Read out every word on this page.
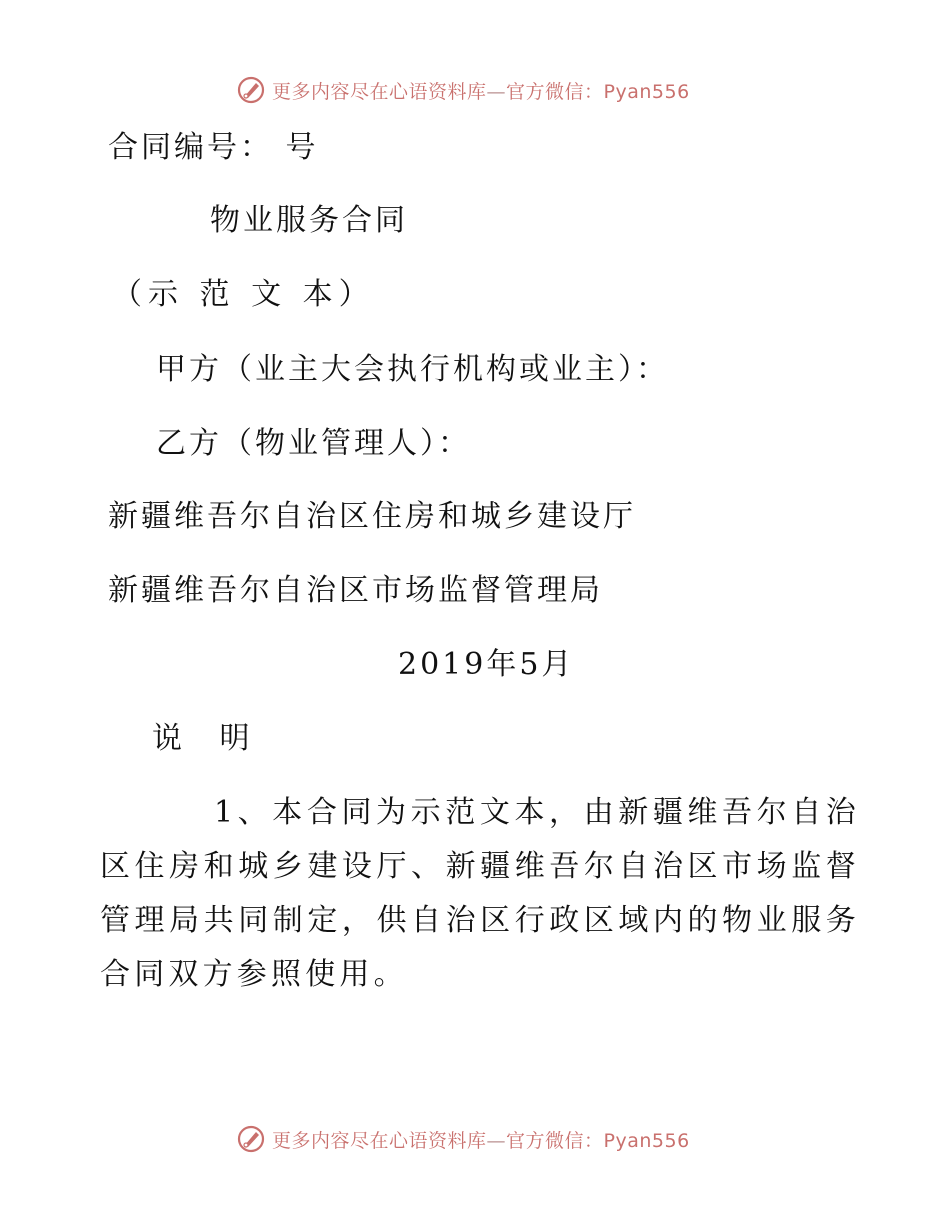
更多内容尽在心语资料库—官方微信：Pyan556
合同编号： 号
物业服务合同
（示 范 文 本）
甲方（业主大会执行机构或业主）：
乙方（物业管理人）：
新疆维吾尔自治区住房和城乡建设厅
新疆维吾尔自治区市场监督管理局
2019年5月
说 明
1、本合同为示范文本，由新疆维吾尔自治区住房和城乡建设厅、新疆维吾尔自治区市场监督管理局共同制定，供自治区行政区域内的物业服务合同双方参照使用。
更多内容尽在心语资料库—官方微信：Pyan556
